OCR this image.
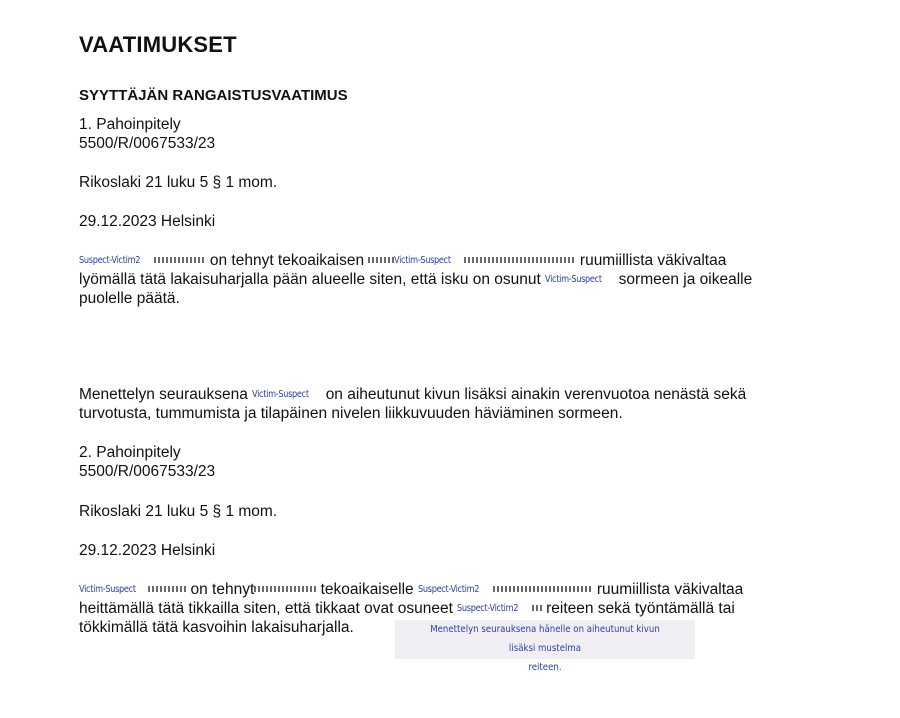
VAATIMUKSET
SYYTTÄJÄN RANGAISTUSVAATIMUS
1. Pahoinpitely
5500/R/0067533/23
Rikoslaki 21 luku 5 § 1 mom.
29.12.2023 Helsinki
Suspect-Victim2	on tehnyt tekoaikaisen	Victim-Suspect	ruumiillista väkivaltaa
lyömällä tätä lakaisuharjalla pään alueelle siten, että isku on osunut Victim-Suspect sormeen ja oikealle
puolelle päätä.
Menettelyn seurauksena Victim-Suspect on aiheutunut kivun lisäksi ainakin verenvuotoa nenästä sekä
turvotusta, tummumista ja tilapäinen nivelen liikkuvuuden häviäminen sormeen.
2. Pahoinpitely
5500/R/0067533/23
Rikoslaki 21 luku 5 § 1 mom.
29.12.2023 Helsinki
Victim-Suspect	on tehnyt	tekoaikaiselle Suspect-Victim2	ruumiillista väkivaltaa
heittämällä tätä tikkailla siten, että tikkaat ovat osuneet Suspect-Victim2 reiteen sekä työntämällä tai
tökkimällä tätä kasvoihin lakaisuharjalla.	Menettelyn seurauksena hänelle on aiheutunut kivun lisäksi mustelma
reiteen.
